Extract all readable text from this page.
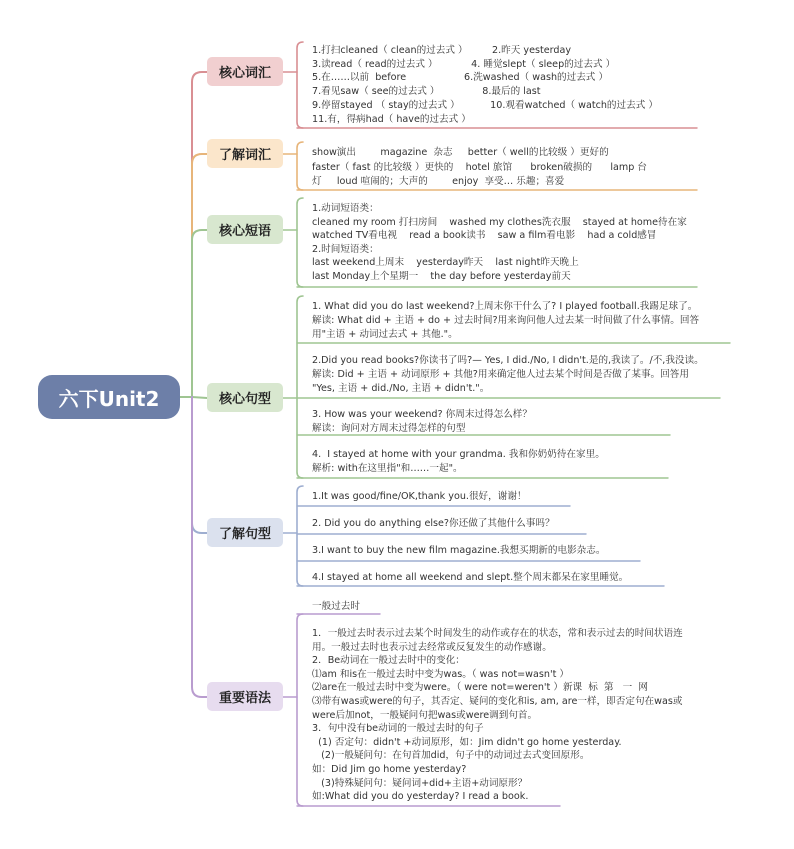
六下Unit2
核心词汇
了解词汇
核心短语
核心句型
了解句型
重要语法
1.打扫cleaned（ clean的过去式 ）        2.昨天 yesterday
3.读read（ read的过去式 ）           4. 睡觉slept（ sleep的过去式 ）
5.在……以前  before                   6.洗washed（ wash的过去式 ）
7.看见saw（ see的过去式 ）              8.最后的 last
9.停留stayed （ stay的过去式 ）          10.观看watched（ watch的过去式 ）
11.有，得病had（ have的过去式 ）
show演出        magazine  杂志     better（ well的比较级 ）更好的
faster（ fast 的比较级 ）更快的    hotel 旅馆      broken破损的      lamp 台
灯     loud 喧闹的；大声的        enjoy  享受… 乐趣；喜爱
1.动词短语类：
cleaned my room 打扫房间    washed my clothes洗衣服    stayed at home待在家
watched TV看电视    read a book读书    saw a film看电影    had a cold感冒
2.时间短语类：
last weekend上周末    yesterday昨天    last night昨天晚上
last Monday上个星期一    the day before yesterday前天
1. What did you do last weekend?上周末你干什么了? I played football.我踢足球了。
解读: What did + 主语 + do + 过去时间?用来询问他人过去某一时间做了什么事情。回答
用"主语 + 动词过去式 + 其他."。
2.Did you read books?你读书了吗?— Yes, I did./No, I didn't.是的,我读了。/不,我没读。
解读: Did + 主语 + 动词原形 + 其他?用来确定他人过去某个时间是否做了某事。回答用
"Yes, 主语 + did./No, 主语 + didn't."。
3. How was your weekend? 你周末过得怎么样？
解读：询问对方周末过得怎样的句型
4.  I stayed at home with your grandma. 我和你奶奶待在家里。
解析: with在这里指"和……一起"。
1.It was good/fine/OK,thank you.很好，谢谢！
2. Did you do anything else?你还做了其他什么事吗？
3.I want to buy the new film magazine.我想买期新的电影杂志。
4.I stayed at home all weekend and slept.整个周末都呆在家里睡觉。
一般过去时
1．一般过去时表示过去某个时间发生的动作或存在的状态，常和表示过去的时间状语连
用。一般过去时也表示过去经常或反复发生的动作感谢。
2．Be动词在一般过去时中的变化：
⑴am 和is在一般过去时中变为was。（ was not=wasn't ）
⑵are在一般过去时中变为were。（ were not=weren't ）新课  标  第   一  网
⑶带有was或were的句子，其否定、疑问的变化和is, am, are一样，即否定句在was或
were后加not，一般疑问句把was或were调到句首。
3．句中没有be动词的一般过去时的句子
(1) 否定句：didn't +动词原形，如：Jim didn't go home yesterday.
(2)一般疑问句：在句首加did，句子中的动词过去式变回原形。
如：Did Jim go home yesterday?
(3)特殊疑问句：疑问词+did+主语+动词原形？
如:What did you do yesterday? I read a book.
